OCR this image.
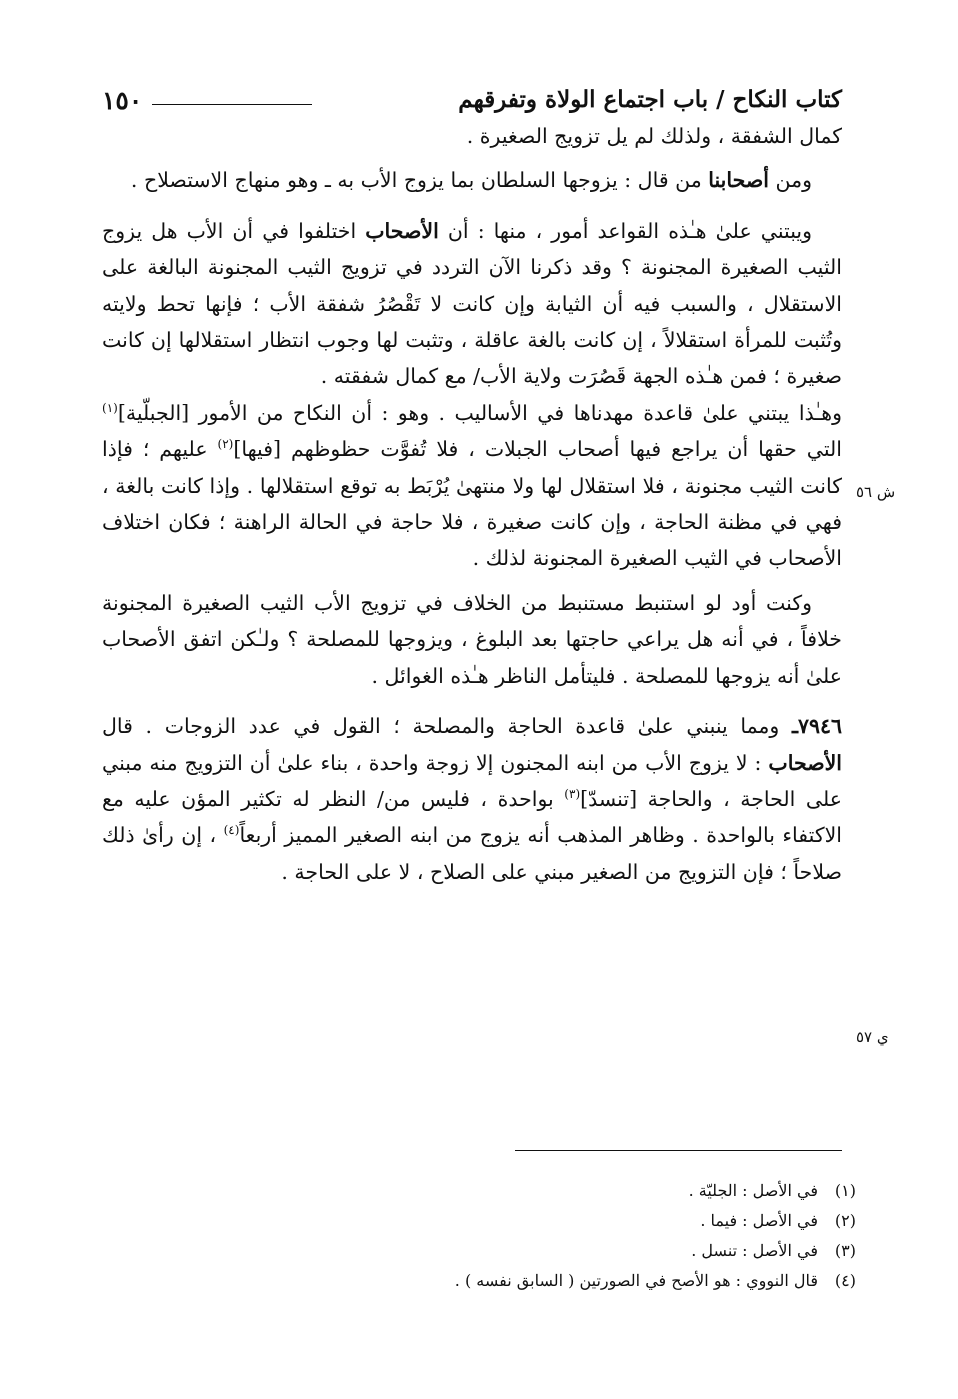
كتاب النكاح / باب اجتماع الولاة وتفرقهم
١٥٠

كمال الشفقة ، ولذلك لم يل تزويج الصغيرة .

ومن أصحابنا من قال : يزوجها السلطان بما يزوج الأب به ـ وهو منهاج الاستصلاح .

ويبتني علىٰ هـٰذه القواعد أمور ، منها : أن الأصحاب اختلفوا في أن الأب هل يزوج الثيب الصغيرة المجنونة ؟ وقد ذكرنا الآن التردد في تزويج الثيب المجنونة البالغة على الاستقلال ، والسبب فيه أن الثيابة وإن كانت لا تَقْصُرُ شفقة الأب ؛ فإنها تحط ولايته وتُثبت للمرأة استقلالاً ، إن كانت بالغة عاقلة ، وتثبت لها وجوب انتظار استقلالها إن كانت صغيرة ؛ فمن هـٰذه الجهة قَصُرَت ولاية الأب/ مع كمال شفقته .

وهـٰذا يبتني علىٰ قاعدة مهدناها في الأساليب . وهو : أن النكاح من الأمور [الجبلّية]$^{(١)}$ التي حقها أن يراجع فيها أصحاب الجبلات ، فلا تُفوَّت حظوظهم [فيها]$^{(٢)}$ عليهم ؛ فإذا كانت الثيب مجنونة ، فلا استقلال لها ولا منتهىٰ يُرْبَط به توقع استقلالها . وإذا كانت بالغة ، فهي في مظنة الحاجة ، وإن كانت صغيرة ، فلا حاجة في الحالة الراهنة ؛ فكان اختلاف الأصحاب في الثيب الصغيرة المجنونة لذلك .

وكنت أود لو استنبط مستنبط من الخلاف في تزويج الأب الثيب الصغيرة المجنونة خلافاً ، في أنه هل يراعي حاجتها بعد البلوغ ، ويزوجها للمصلحة ؟ ولـٰكن اتفق الأصحاب علىٰ أنه يزوجها للمصلحة . فليتأمل الناظر هـٰذه الغوائل .

٧٩٤٦ـ ومما ينبني علىٰ قاعدة الحاجة والمصلحة ؛ القول في عدد الزوجات . قال الأصحاب : لا يزوج الأب من ابنه المجنون إلا زوجة واحدة ، بناء علىٰ أن التزويج منه مبني على الحاجة ، والحاجة [تنسدّ]$^{(٣)}$ بواحدة ، فليس من/ النظر له تكثير المؤن عليه مع الاكتفاء بالواحدة . وظاهر المذهب أنه يزوج من ابنه الصغير المميز أربعاً$^{(٤)}$ ، إن رأىٰ ذلك صلاحاً ؛ فإن التزويج من الصغير مبني على الصلاح ، لا على الحاجة .

ش ٥٦
ي ٥٧
(١)في الأصل : الجليّة .
(٢)في الأصل : فيما .
(٣)في الأصل : تنسل .
(٤)قال النووي : هو الأصح في الصورتين ( السابق نفسه ) .
